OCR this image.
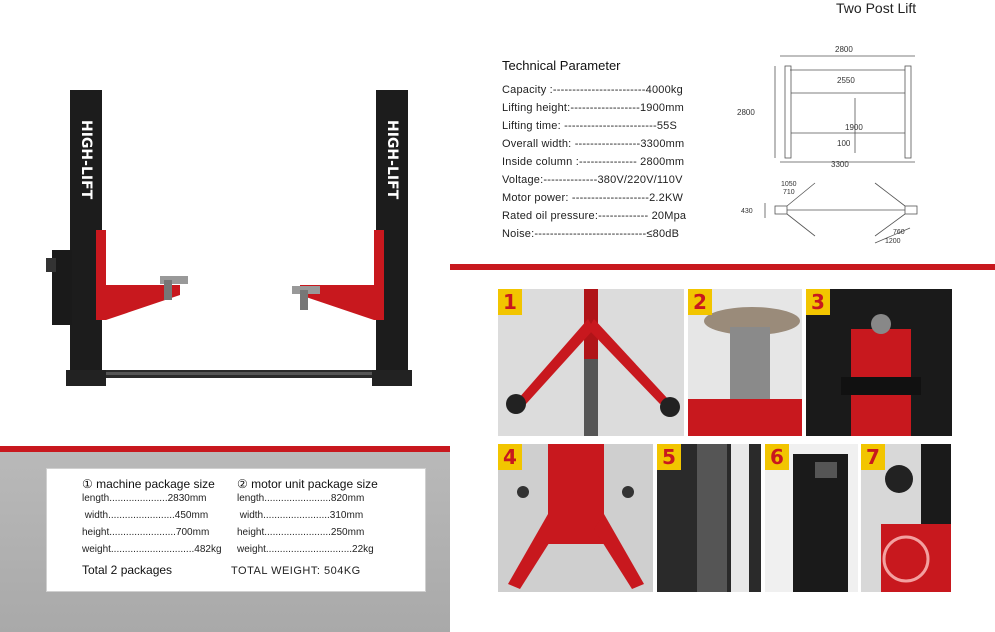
HIGH-LIFT	HIGH-LIFT
Two Post Lift
Technical Parameter
Capacity :------------------------4000kg
Lifting height:------------------1900mm
Lifting time: ------------------------55S
Overall width: -----------------3300mm
Inside column :--------------- 2800mm
Voltage:--------------380V/220V/110V
Motor power: --------------------2.2KW
Rated oil pressure:------------- 20Mpa
Noise:-----------------------------≤80dB
2800
2550
2800
1900
100
3300
1050
710
430
760
1200
① machine package size
length.....................2830mm
width........................450mm
height........................700mm
weight..............................482kg
② motor unit package size
length........................820mm
width........................310mm
height........................250mm
weight...............................22kg
Total 2 packages	TOTAL WEIGHT: 504KG
1	2	3
4	5	6	7
